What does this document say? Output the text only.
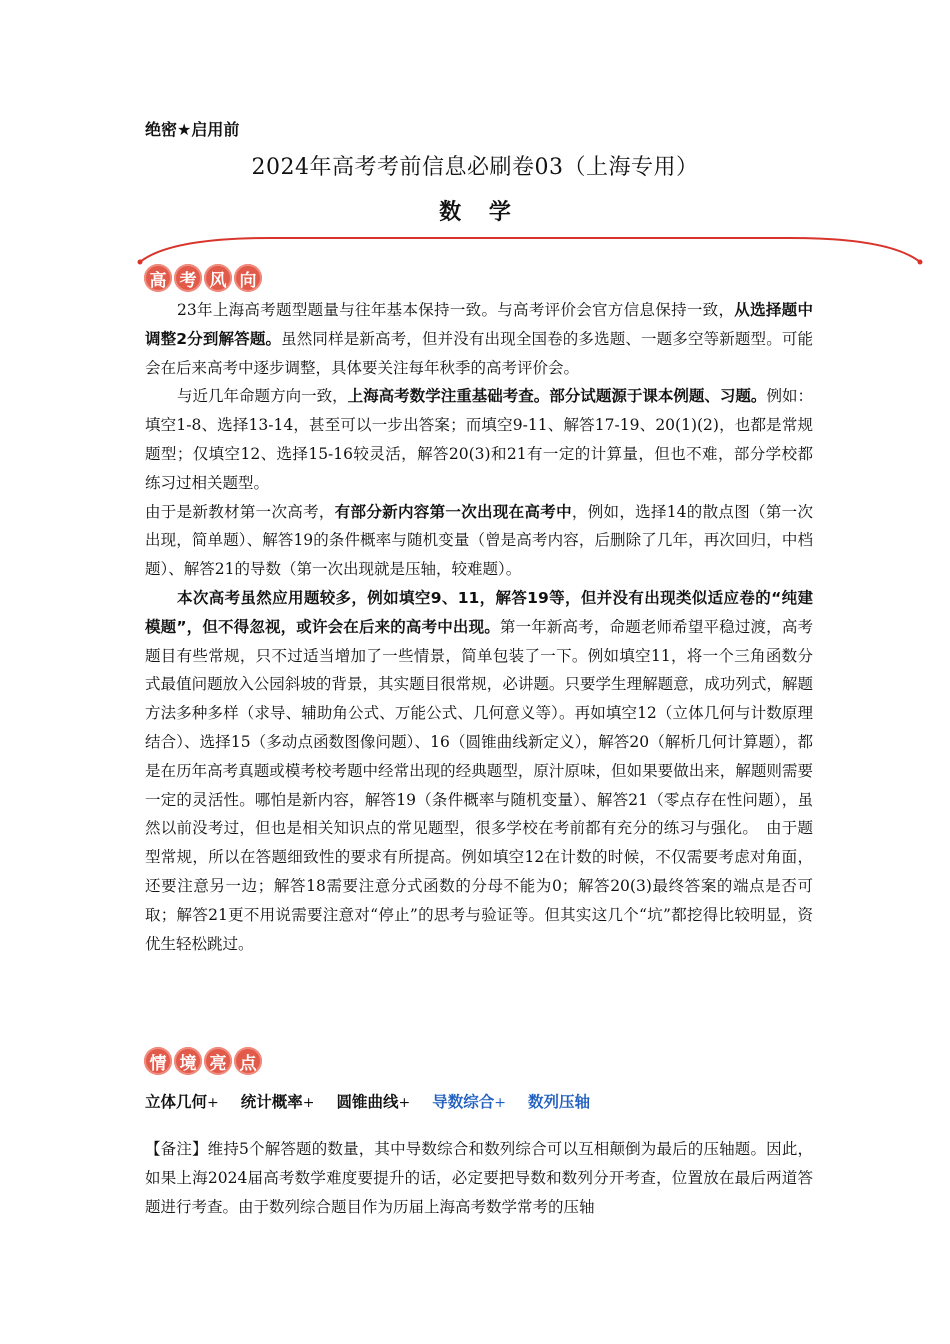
绝密★启用前
2024年高考考前信息必刷卷03（上海专用）
数 学
高 考 风 向

23年上海高考题型题量与往年基本保持一致。与高考评价会官方信息保持一致，从选择题中调整2分到解答题。虽然同样是新高考，但并没有出现全国卷的多选题、一题多空等新题型。可能会在后来高考中逐步调整，具体要关注每年秋季的高考评价会。

与近几年命题方向一致，上海高考数学注重基础考查。部分试题源于课本例题、习题。例如：填空1-8、选择13-14，甚至可以一步出答案；而填空9-11、解答17-19、20(1)(2)，也都是常规题型；仅填空12、选择15-16较灵活，解答20(3)和21有一定的计算量，但也不难，部分学校都练习过相关题型。

由于是新教材第一次高考，有部分新内容第一次出现在高考中，例如，选择14的散点图（第一次出现，简单题）、解答19的条件概率与随机变量（曾是高考内容，后删除了几年，再次回归，中档题）、解答21的导数（第一次出现就是压轴，较难题）。

本次高考虽然应用题较多，例如填空9、11，解答19等，但并没有出现类似适应卷的“纯建模题”，但不得忽视，或许会在后来的高考中出现。第一年新高考，命题老师希望平稳过渡，高考题目有些常规，只不过适当增加了一些情景，简单包装了一下。例如填空11，将一个三角函数分式最值问题放入公园斜坡的背景，其实题目很常规，必讲题。只要学生理解题意，成功列式，解题方法多种多样（求导、辅助角公式、万能公式、几何意义等）。再如填空12（立体几何与计数原理结合）、选择15（多动点函数图像问题）、16（圆锥曲线新定义），解答20（解析几何计算题），都是在历年高考真题或模考校考题中经常出现的经典题型，原汁原味，但如果要做出来，解题则需要一定的灵活性。哪怕是新内容，解答19（条件概率与随机变量）、解答21（零点存在性问题），虽然以前没考过，但也是相关知识点的常见题型，很多学校在考前都有充分的练习与强化。　由于题型常规，所以在答题细致性的要求有所提高。例如填空12在计数的时候，不仅需要考虑对角面，还要注意另一边；解答18需要注意分式函数的分母不能为0；解答20(3)最终答案的端点是否可取；解答21更不用说需要注意对“停止”的思考与验证等。但其实这几个“坑”都挖得比较明显，资优生轻松跳过。

情 境 亮 点
立体几何+ 统计概率+ 圆锥曲线+ 导数综合+ 数列压轴

【备注】维持5个解答题的数量，其中导数综合和数列综合可以互相颠倒为最后的压轴题。因此，如果上海2024届高考数学难度要提升的话，必定要把导数和数列分开考查，位置放在最后两道答题进行考查。由于数列综合题目作为历届上海高考数学常考的压轴
